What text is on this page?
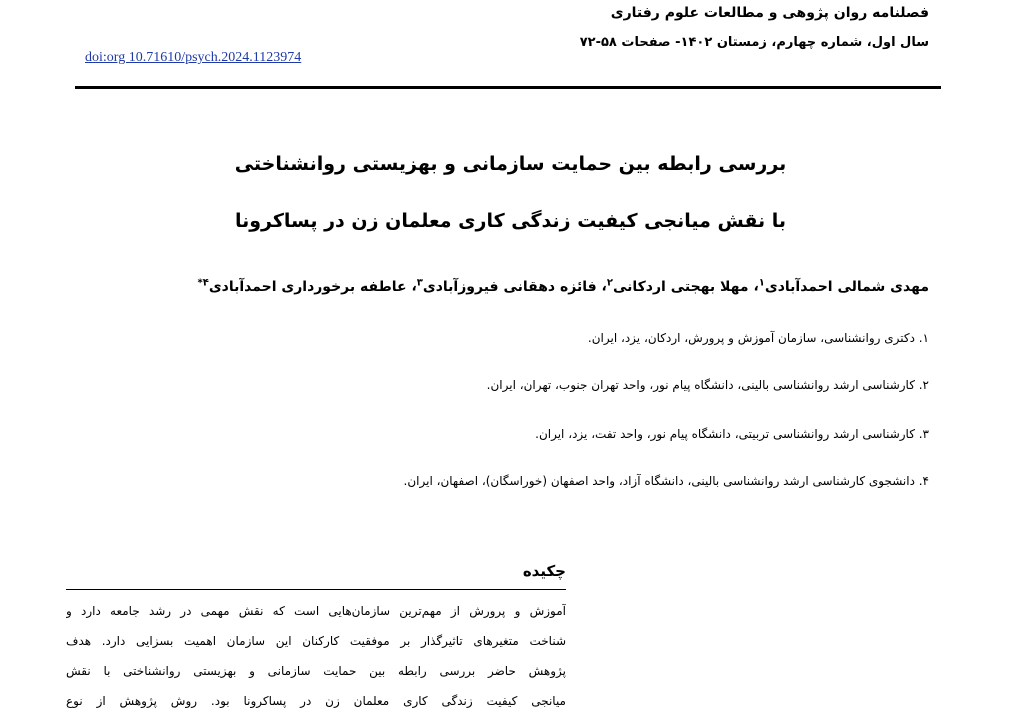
فصلنامه روان پژوهی و مطالعات علوم رفتاری
سال اول، شماره چهارم، زمستان ۱۴۰۲- صفحات ۵۸-۷۲
doi:org 10.71610/psych.2024.1123974
بررسی رابطه بین حمایت سازمانی و بهزیستی روانشناختی
با نقش میانجی کیفیت زندگی کاری معلمان زن در پساکرونا
مهدی شمالی احمدآبادی$^۱$، مهلا بهجتی اردکانی$^۲$، فائزه دهقانی فیروزآبادی$^۳$، عاطفه برخورداری احمدآبادی$^{۴*}$
۱. دکتری روانشناسی، سازمان آموزش و پرورش، اردکان، یزد، ایران.
۲. کارشناسی ارشد روانشناسی بالینی، دانشگاه پیام نور، واحد تهران جنوب، تهران، ایران.
۳. کارشناسی ارشد روانشناسی تربیتی، دانشگاه پیام نور، واحد تفت، یزد، ایران.
۴. دانشجوی کارشناسی ارشد روانشناسی بالینی، دانشگاه آزاد، واحد اصفهان (خوراسگان)، اصفهان، ایران.
چکیده
آموزش و پرورش از مهم‌ترین سازمان‌هایی است که نقش مهمی در رشد جامعه دارد و
شناخت متغیرهای تاثیرگذار بر موفقیت کارکنان این سازمان اهمیت بسزایی دارد. هدف
پژوهش حاضر بررسی رابطه بین حمایت سازمانی و بهزیستی روانشناختی با نقش
میانجی کیفیت زندگی کاری معلمان زن در پساکرونا بود. روش پژوهش از نوع
